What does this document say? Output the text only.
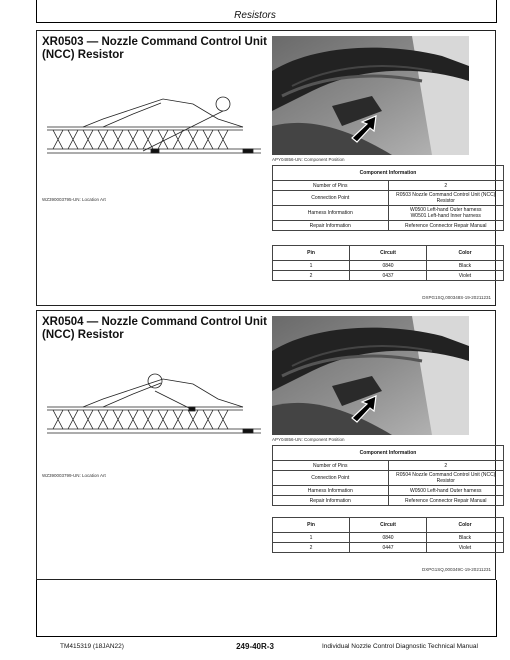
Resistors
XR0503 — Nozzle Command Control Unit (NCC) Resistor
WZ390003795-UN: Location Art
APY04856-UN: Component Position
Component Information	
Number of Pins	2
Connection Point	R0503 Nozzle Command Control Unit (NCC) Resistor
Harness Information	W0500 Left-hand Outer harness
W0501 Left-hand Inner harness

Repair Information	Reference Connector Repair Manual
Pin	Circuit	Color
1	0840	Black
2	0437	Violet
DXPG1SQ,000348S-19-20211231
XR0504 — Nozzle Command Control Unit (NCC) Resistor
WZ390003799-UN: Location Art
APY04856-UN: Component Position
Component Information	
Number of Pins	2
Connection Point	R0504 Nozzle Command Control Unit (NCC) Resistor
Harness Information	W0500 Left-hand Outer harness
Repair Information	Reference Connector Repair Manual
Pin	Circuit	Color
1	0840	Black
2	0447	Violet
DXPG1SQ,000349C-19-20211231
TM415319 (18JAN22)	249-40R-3	Individual Nozzle Control Diagnostic Technical Manual
